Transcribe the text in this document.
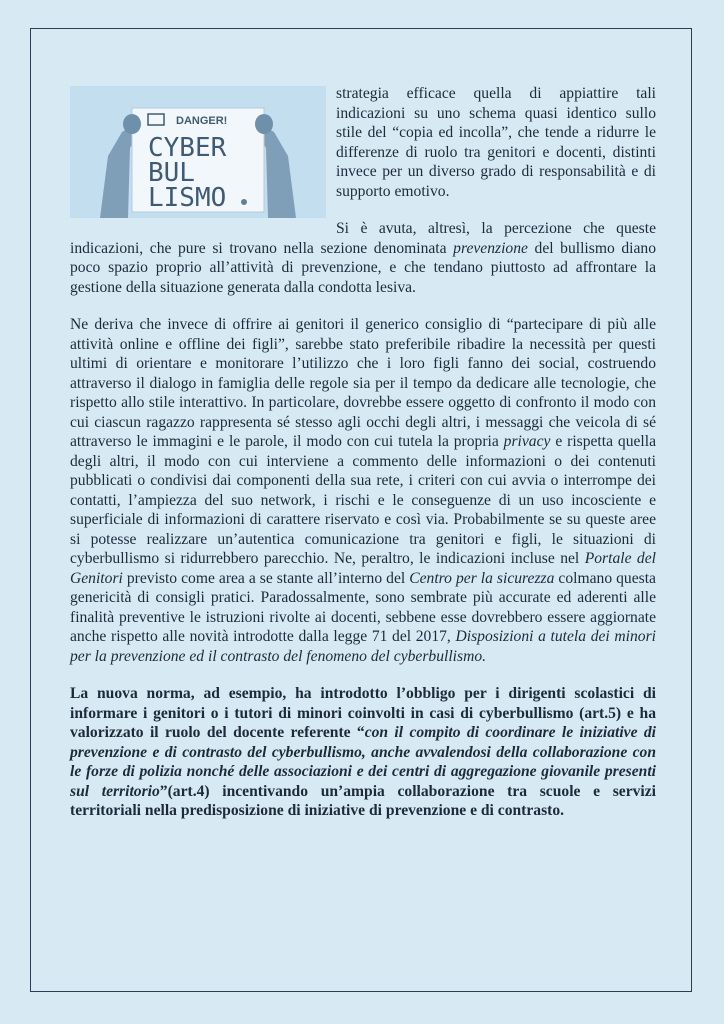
DANGER!
CYBER
BUL
LISMO

strategia efficace quella di appiattire tali indicazioni su uno schema quasi identico sullo stile del “copia ed incolla”, che tende a ridurre le differenze di ruolo tra genitori e docenti, distinti invece per un diverso grado di responsabilità e di supporto emotivo.

Si è avuta, altresì, la percezione che queste indicazioni, che pure si trovano nella sezione denominata prevenzione del bullismo diano poco spazio proprio all’attività di prevenzione, e che tendano piuttosto ad affrontare la gestione della situazione generata dalla condotta lesiva.

Ne deriva che invece di offrire ai genitori il generico consiglio di “partecipare di più alle attività online e offline dei figli”, sarebbe stato preferibile ribadire la necessità per questi ultimi di orientare e monitorare l’utilizzo che i loro figli fanno dei social, costruendo attraverso il dialogo in famiglia delle regole sia per il tempo da dedicare alle tecnologie, che rispetto allo stile interattivo. In particolare, dovrebbe essere oggetto di confronto il modo con cui ciascun ragazzo rappresenta sé stesso agli occhi degli altri, i messaggi che veicola di sé attraverso le immagini e le parole, il modo con cui tutela la propria privacy e rispetta quella degli altri, il modo con cui interviene a commento delle informazioni o dei contenuti pubblicati o condivisi dai componenti della sua rete, i criteri con cui avvia o interrompe dei contatti, l’ampiezza del suo network, i rischi e le conseguenze di un uso incosciente e superficiale di informazioni di carattere riservato e così via. Probabilmente se su queste aree si potesse realizzare un’autentica comunicazione tra genitori e figli, le situazioni di cyberbullismo si ridurrebbero parecchio. Ne, peraltro, le indicazioni incluse nel Portale del Genitori previsto come area a se stante all’interno del Centro per la sicurezza colmano questa genericità di consigli pratici. Paradossalmente, sono sembrate più accurate ed aderenti alle finalità preventive le istruzioni rivolte ai docenti, sebbene esse dovrebbero essere aggiornate anche rispetto alle novità introdotte dalla legge 71 del 2017, Disposizioni a tutela dei minori per la prevenzione ed il contrasto del fenomeno del cyberbullismo.

La nuova norma, ad esempio, ha introdotto l’obbligo per i dirigenti scolastici di informare i genitori o i tutori di minori coinvolti in casi di cyberbullismo (art.5) e ha valorizzato il ruolo del docente referente “con il compito di coordinare le iniziative di prevenzione e di contrasto del cyberbullismo, anche avvalendosi della collaborazione con le forze di polizia nonché delle associazioni e dei centri di aggregazione giovanile presenti sul territorio”(art.4) incentivando un’ampia collaborazione tra scuole e servizi territoriali nella predisposizione di iniziative di prevenzione e di contrasto.
